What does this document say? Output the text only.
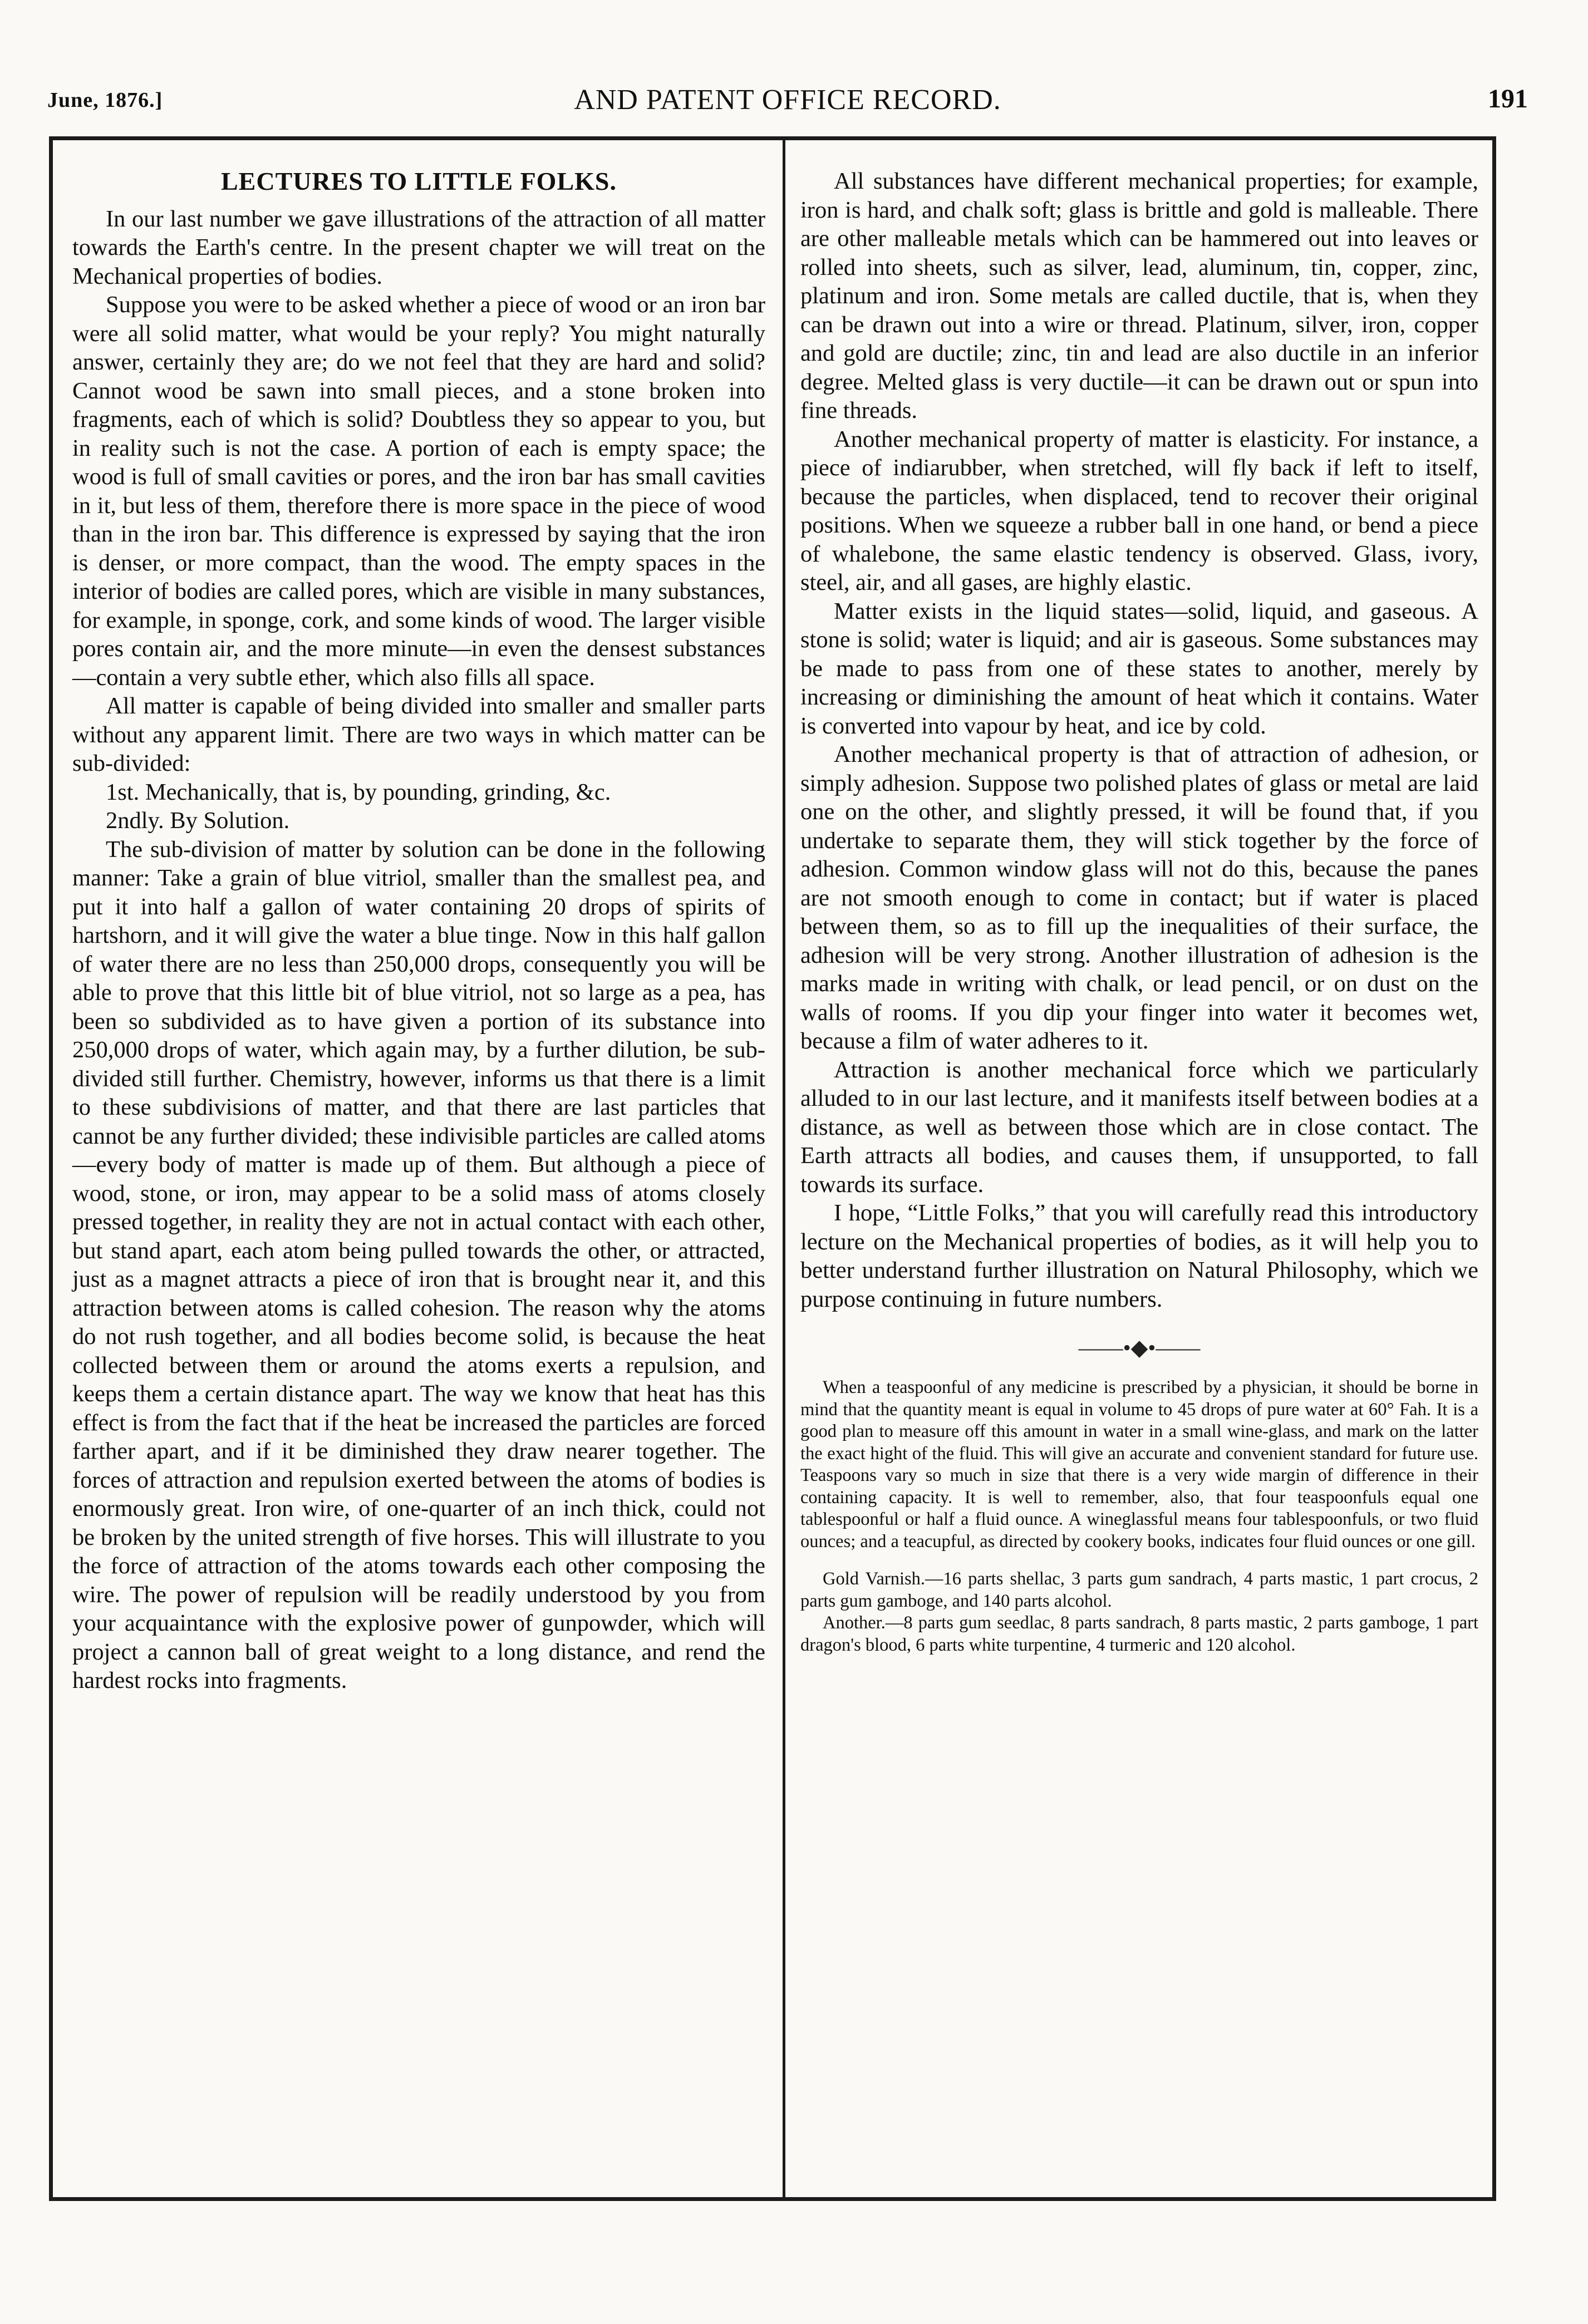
June, 1876.]	AND PATENT OFFICE RECORD.	191
LECTURES TO LITTLE FOLKS.

In our last number we gave illustrations of the attraction of all matter towards the Earth's centre. In the present chapter we will treat on the Mechanical properties of bodies.

Suppose you were to be asked whether a piece of wood or an iron bar were all solid matter, what would be your reply? You might naturally answer, certainly they are; do we not feel that they are hard and solid? Cannot wood be sawn into small pieces, and a stone broken into fragments, each of which is solid? Doubtless they so appear to you, but in reality such is not the case. A portion of each is empty space; the wood is full of small cavities or pores, and the iron bar has small cavities in it, but less of them, therefore there is more space in the piece of wood than in the iron bar. This difference is expressed by saying that the iron is denser, or more compact, than the wood. The empty spaces in the interior of bodies are called pores, which are visible in many substances, for example, in sponge, cork, and some kinds of wood. The larger visible pores contain air, and the more minute—in even the densest substances—contain a very subtle ether, which also fills all space.

All matter is capable of being divided into smaller and smaller parts without any apparent limit. There are two ways in which matter can be sub-divided:

1st. Mechanically, that is, by pounding, grinding, &c.

2ndly. By Solution.

The sub-division of matter by solution can be done in the following manner: Take a grain of blue vitriol, smaller than the smallest pea, and put it into half a gallon of water containing 20 drops of spirits of hartshorn, and it will give the water a blue tinge. Now in this half gallon of water there are no less than 250,000 drops, consequently you will be able to prove that this little bit of blue vitriol, not so large as a pea, has been so subdivided as to have given a portion of its substance into 250,000 drops of water, which again may, by a further dilution, be sub-divided still further. Chemistry, however, informs us that there is a limit to these subdivisions of matter, and that there are last particles that cannot be any further divided; these indivisible particles are called atoms—every body of matter is made up of them. But although a piece of wood, stone, or iron, may appear to be a solid mass of atoms closely pressed together, in reality they are not in actual contact with each other, but stand apart, each atom being pulled towards the other, or attracted, just as a magnet attracts a piece of iron that is brought near it, and this attraction between atoms is called cohesion. The reason why the atoms do not rush together, and all bodies become solid, is because the heat collected between them or around the atoms exerts a repulsion, and keeps them a certain distance apart. The way we know that heat has this effect is from the fact that if the heat be increased the particles are forced farther apart, and if it be diminished they draw nearer together. The forces of attraction and repulsion exerted between the atoms of bodies is enormously great. Iron wire, of one-quarter of an inch thick, could not be broken by the united strength of five horses. This will illustrate to you the force of attraction of the atoms towards each other composing the wire. The power of repulsion will be readily understood by you from your acquaintance with the explosive power of gunpowder, which will project a cannon ball of great weight to a long distance, and rend the hardest rocks into fragments.

All substances have different mechanical properties; for example, iron is hard, and chalk soft; glass is brittle and gold is malleable. There are other malleable metals which can be hammered out into leaves or rolled into sheets, such as silver, lead, aluminum, tin, copper, zinc, platinum and iron. Some metals are called ductile, that is, when they can be drawn out into a wire or thread. Platinum, silver, iron, copper and gold are ductile; zinc, tin and lead are also ductile in an inferior degree. Melted glass is very ductile—it can be drawn out or spun into fine threads.

Another mechanical property of matter is elasticity. For instance, a piece of indiarubber, when stretched, will fly back if left to itself, because the particles, when displaced, tend to recover their original positions. When we squeeze a rubber ball in one hand, or bend a piece of whalebone, the same elastic tendency is observed. Glass, ivory, steel, air, and all gases, are highly elastic.

Matter exists in the liquid states—solid, liquid, and gaseous. A stone is solid; water is liquid; and air is gaseous. Some substances may be made to pass from one of these states to another, merely by increasing or diminishing the amount of heat which it contains. Water is converted into vapour by heat, and ice by cold.

Another mechanical property is that of attraction of adhesion, or simply adhesion. Suppose two polished plates of glass or metal are laid one on the other, and slightly pressed, it will be found that, if you undertake to separate them, they will stick together by the force of adhesion. Common window glass will not do this, because the panes are not smooth enough to come in contact; but if water is placed between them, so as to fill up the inequalities of their surface, the adhesion will be very strong. Another illustration of adhesion is the marks made in writing with chalk, or lead pencil, or on dust on the walls of rooms. If you dip your finger into water it becomes wet, because a film of water adheres to it.

Attraction is another mechanical force which we particularly alluded to in our last lecture, and it manifests itself between bodies at a distance, as well as between those which are in close contact. The Earth attracts all bodies, and causes them, if unsupported, to fall towards its surface.

I hope, “Little Folks,” that you will carefully read this introductory lecture on the Mechanical properties of bodies, as it will help you to better understand further illustration on Natural Philosophy, which we purpose continuing in future numbers.

——•◆•——

When a teaspoonful of any medicine is prescribed by a physician, it should be borne in mind that the quantity meant is equal in volume to 45 drops of pure water at 60° Fah. It is a good plan to measure off this amount in water in a small wine-glass, and mark on the latter the exact hight of the fluid. This will give an accurate and convenient standard for future use. Teaspoons vary so much in size that there is a very wide margin of difference in their containing capacity. It is well to remember, also, that four teaspoonfuls equal one tablespoonful or half a fluid ounce. A wineglassful means four tablespoonfuls, or two fluid ounces; and a teacupful, as directed by cookery books, indicates four fluid ounces or one gill.

Gold Varnish.—16 parts shellac, 3 parts gum sandrach, 4 parts mastic, 1 part crocus, 2 parts gum gamboge, and 140 parts alcohol.

Another.—8 parts gum seedlac, 8 parts sandrach, 8 parts mastic, 2 parts gamboge, 1 part dragon's blood, 6 parts white turpentine, 4 turmeric and 120 alcohol.
